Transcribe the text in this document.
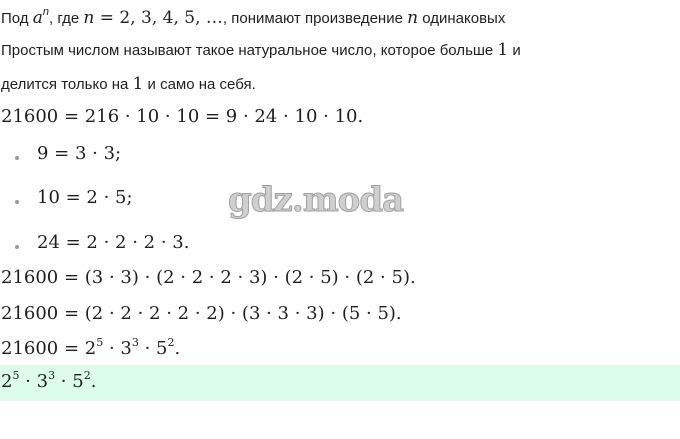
Под $a^n$, где n = 2, 3, 4, 5, …, понимают произведение n одинаковых
Простым числом называют такое натуральное число, которое больше 1 и
делится только на 1 и само на себя.
21600 = 216 · 10 · 10 = 9 · 24 · 10 · 10.
9 = 3 · 3;
10 = 2 · 5;
24 = 2 · 2 · 2 · 3.
21600 = (3 · 3) · (2 · 2 · 2 · 3) · (2 · 5) · (2 · 5).
21600 = (2 · 2 · 2 · 2 · 2) · (3 · 3 · 3) · (5 · 5).
$21600 = 2^5 \cdot 3^3 \cdot 5^2$.
$2^5 \cdot 3^3 \cdot 5^2$.
gdz.moda
